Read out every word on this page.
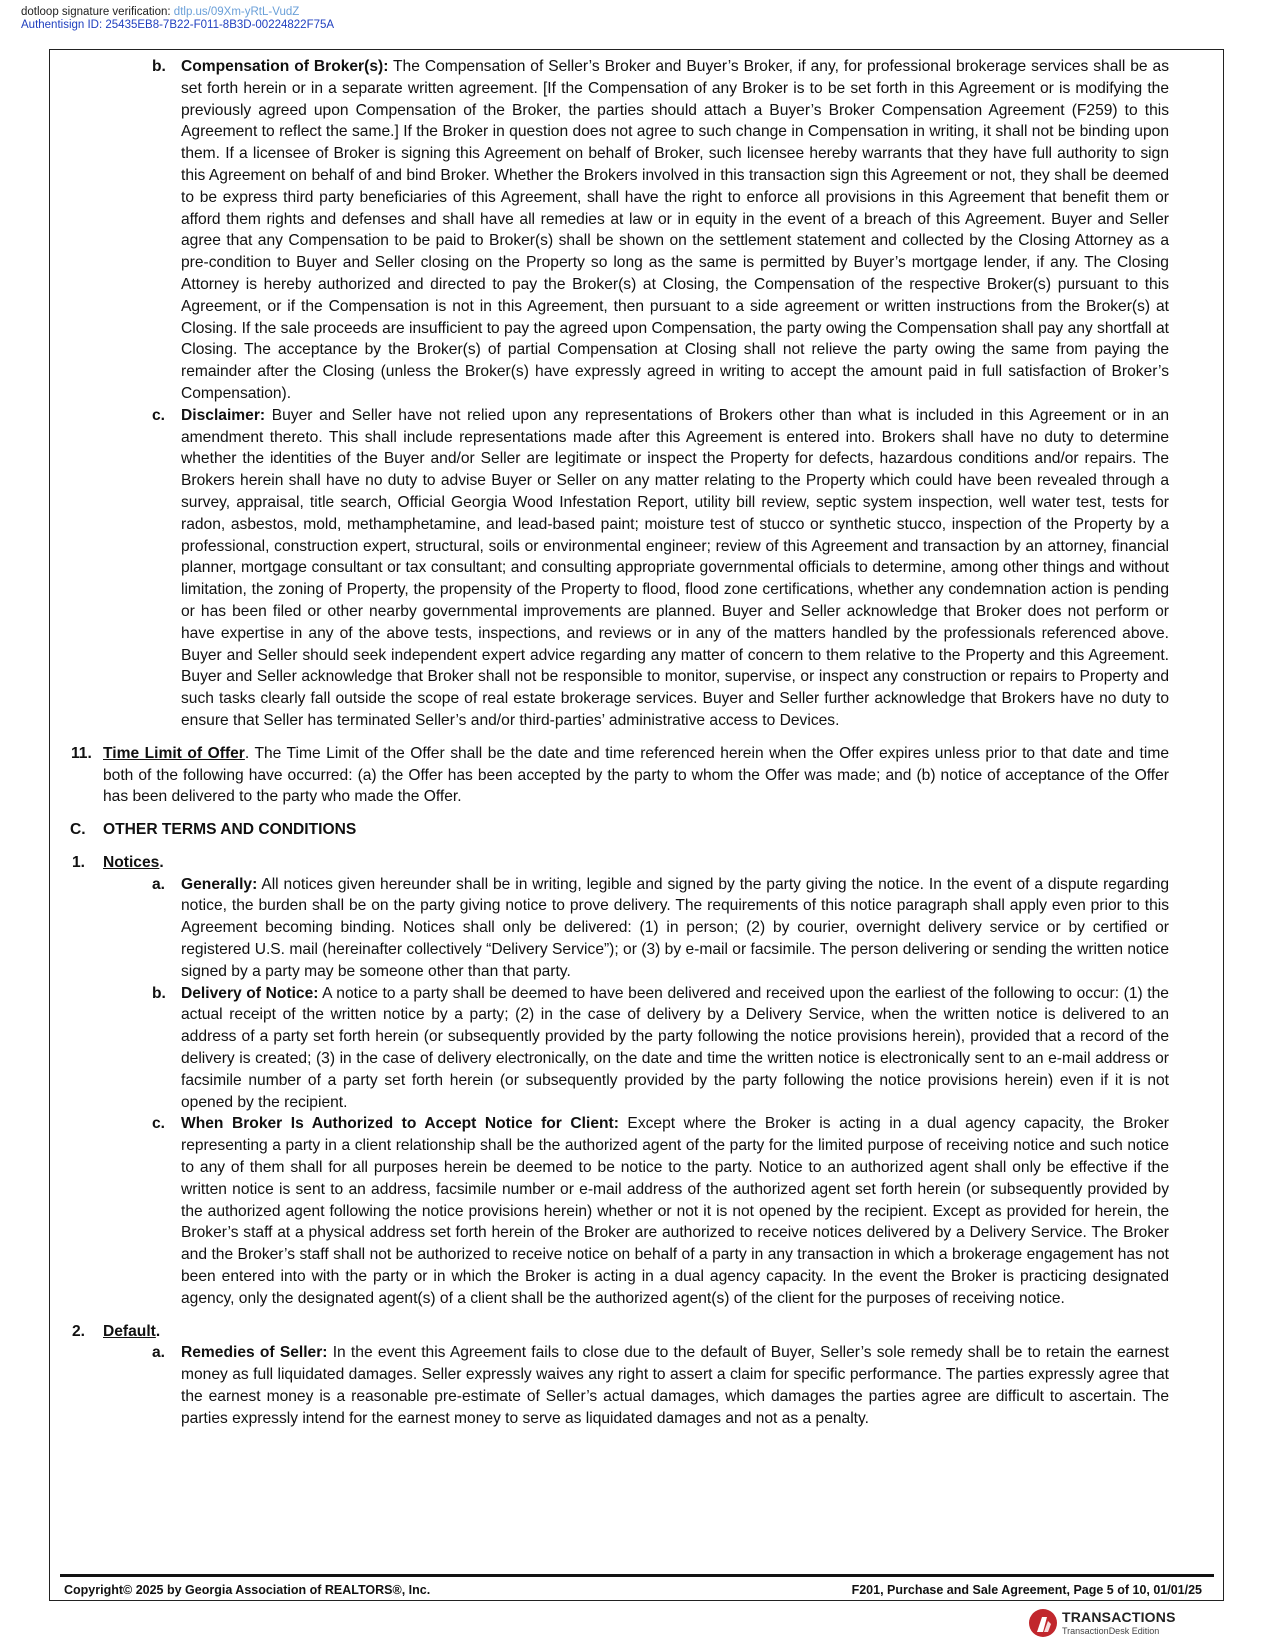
dotloop signature verification: dtlp.us/09Xm-yRtL-VudZ
Authentisign ID: 25435EB8-7B22-F011-8B3D-00224822F75A
b. Compensation of Broker(s): The Compensation of Seller’s Broker and Buyer’s Broker, if any, for professional brokerage services shall be as set forth herein or in a separate written agreement. [If the Compensation of any Broker is to be set forth in this Agreement or is modifying the previously agreed upon Compensation of the Broker, the parties should attach a Buyer’s Broker Compensation Agreement (F259) to this Agreement to reflect the same.] If the Broker in question does not agree to such change in Compensation in writing, it shall not be binding upon them. If a licensee of Broker is signing this Agreement on behalf of Broker, such licensee hereby warrants that they have full authority to sign this Agreement on behalf of and bind Broker. Whether the Brokers involved in this transaction sign this Agreement or not, they shall be deemed to be express third party beneficiaries of this Agreement, shall have the right to enforce all provisions in this Agreement that benefit them or afford them rights and defenses and shall have all remedies at law or in equity in the event of a breach of this Agreement. Buyer and Seller agree that any Compensation to be paid to Broker(s) shall be shown on the settlement statement and collected by the Closing Attorney as a pre-condition to Buyer and Seller closing on the Property so long as the same is permitted by Buyer’s mortgage lender, if any. The Closing Attorney is hereby authorized and directed to pay the Broker(s) at Closing, the Compensation of the respective Broker(s) pursuant to this Agreement, or if the Compensation is not in this Agreement, then pursuant to a side agreement or written instructions from the Broker(s) at Closing. If the sale proceeds are insufficient to pay the agreed upon Compensation, the party owing the Compensation shall pay any shortfall at Closing. The acceptance by the Broker(s) of partial Compensation at Closing shall not relieve the party owing the same from paying the remainder after the Closing (unless the Broker(s) have expressly agreed in writing to accept the amount paid in full satisfaction of Broker’s Compensation).
c. Disclaimer: Buyer and Seller have not relied upon any representations of Brokers other than what is included in this Agreement or in an amendment thereto. This shall include representations made after this Agreement is entered into. Brokers shall have no duty to determine whether the identities of the Buyer and/or Seller are legitimate or inspect the Property for defects, hazardous conditions and/or repairs. The Brokers herein shall have no duty to advise Buyer or Seller on any matter relating to the Property which could have been revealed through a survey, appraisal, title search, Official Georgia Wood Infestation Report, utility bill review, septic system inspection, well water test, tests for radon, asbestos, mold, methamphetamine, and lead-based paint; moisture test of stucco or synthetic stucco, inspection of the Property by a professional, construction expert, structural, soils or environmental engineer; review of this Agreement and transaction by an attorney, financial planner, mortgage consultant or tax consultant; and consulting appropriate governmental officials to determine, among other things and without limitation, the zoning of Property, the propensity of the Property to flood, flood zone certifications, whether any condemnation action is pending or has been filed or other nearby governmental improvements are planned. Buyer and Seller acknowledge that Broker does not perform or have expertise in any of the above tests, inspections, and reviews or in any of the matters handled by the professionals referenced above. Buyer and Seller should seek independent expert advice regarding any matter of concern to them relative to the Property and this Agreement. Buyer and Seller acknowledge that Broker shall not be responsible to monitor, supervise, or inspect any construction or repairs to Property and such tasks clearly fall outside the scope of real estate brokerage services. Buyer and Seller further acknowledge that Brokers have no duty to ensure that Seller has terminated Seller’s and/or third-parties’ administrative access to Devices.
11. Time Limit of Offer. The Time Limit of the Offer shall be the date and time referenced herein when the Offer expires unless prior to that date and time both of the following have occurred: (a) the Offer has been accepted by the party to whom the Offer was made; and (b) notice of acceptance of the Offer has been delivered to the party who made the Offer.
C. OTHER TERMS AND CONDITIONS
1. Notices.
a. Generally: All notices given hereunder shall be in writing, legible and signed by the party giving the notice. In the event of a dispute regarding notice, the burden shall be on the party giving notice to prove delivery. The requirements of this notice paragraph shall apply even prior to this Agreement becoming binding. Notices shall only be delivered: (1) in person; (2) by courier, overnight delivery service or by certified or registered U.S. mail (hereinafter collectively “Delivery Service”); or (3) by e-mail or facsimile. The person delivering or sending the written notice signed by a party may be someone other than that party.
b. Delivery of Notice: A notice to a party shall be deemed to have been delivered and received upon the earliest of the following to occur: (1) the actual receipt of the written notice by a party; (2) in the case of delivery by a Delivery Service, when the written notice is delivered to an address of a party set forth herein (or subsequently provided by the party following the notice provisions herein), provided that a record of the delivery is created; (3) in the case of delivery electronically, on the date and time the written notice is electronically sent to an e-mail address or facsimile number of a party set forth herein (or subsequently provided by the party following the notice provisions herein) even if it is not opened by the recipient.
c. When Broker Is Authorized to Accept Notice for Client: Except where the Broker is acting in a dual agency capacity, the Broker representing a party in a client relationship shall be the authorized agent of the party for the limited purpose of receiving notice and such notice to any of them shall for all purposes herein be deemed to be notice to the party. Notice to an authorized agent shall only be effective if the written notice is sent to an address, facsimile number or e-mail address of the authorized agent set forth herein (or subsequently provided by the authorized agent following the notice provisions herein) whether or not it is not opened by the recipient. Except as provided for herein, the Broker’s staff at a physical address set forth herein of the Broker are authorized to receive notices delivered by a Delivery Service. The Broker and the Broker’s staff shall not be authorized to receive notice on behalf of a party in any transaction in which a brokerage engagement has not been entered into with the party or in which the Broker is acting in a dual agency capacity. In the event the Broker is practicing designated agency, only the designated agent(s) of a client shall be the authorized agent(s) of the client for the purposes of receiving notice.
2. Default.
a. Remedies of Seller: In the event this Agreement fails to close due to the default of Buyer, Seller’s sole remedy shall be to retain the earnest money as full liquidated damages. Seller expressly waives any right to assert a claim for specific performance. The parties expressly agree that the earnest money is a reasonable pre-estimate of Seller’s actual damages, which damages the parties agree are difficult to ascertain. The parties expressly intend for the earnest money to serve as liquidated damages and not as a penalty.
Copyright© 2025 by Georgia Association of REALTORS®, Inc.	F201, Purchase and Sale Agreement, Page 5 of 10, 01/01/25
TRANSACTIONS
TransactionDesk Edition
